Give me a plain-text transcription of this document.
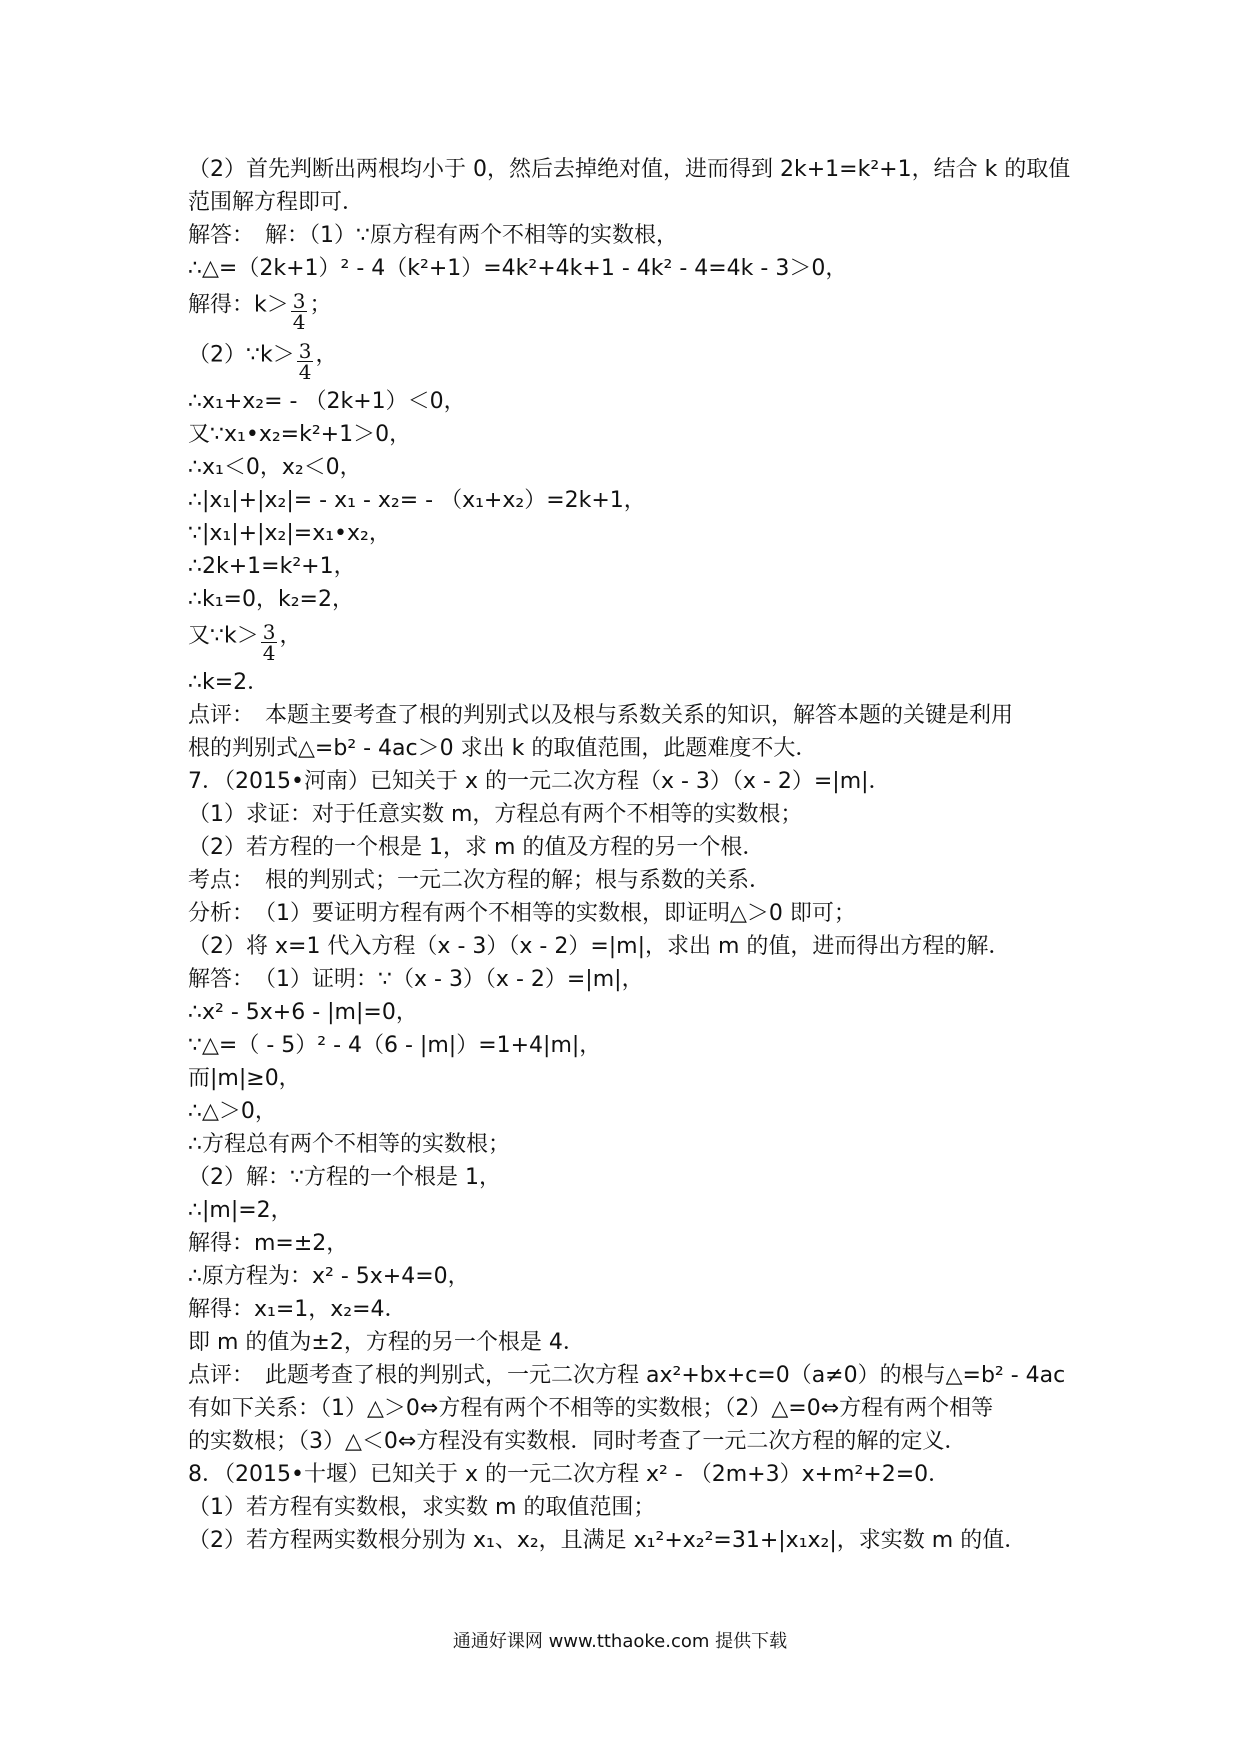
（2）首先判断出两根均小于 0，然后去掉绝对值，进而得到 2k+1=k²+1，结合 k 的取值
范围解方程即可．
解答：　解：（1）∵原方程有两个不相等的实数根，
∴△=（2k+1）² - 4（k²+1）=4k²+4k+1 - 4k² - 4=4k - 3＞0，
解得：$k> \frac{3}{4}$ ；
（2）∵k＞ $\frac{3}{4}$ ，
∴x₁+x₂= - （2k+1）＜0，
又∵x₁•x₂=k²+1＞0，
∴x₁＜0，x₂＜0，
∴|x₁|+|x₂|= - x₁ - x₂= - （x₁+x₂）=2k+1，
∵|x₁|+|x₂|=x₁•x₂，
∴2k+1=k²+1，
∴k₁=0，k₂=2，
又∵k＞ $\frac{3}{4}$ ，
∴k=2．
点评：　本题主要考查了根的判别式以及根与系数关系的知识，解答本题的关键是利用
根的判别式△=b² - 4ac＞0 求出 k 的取值范围，此题难度不大．
7．（2015•河南）已知关于 x 的一元二次方程（x - 3）（x - 2）=|m|．
（1）求证：对于任意实数 m，方程总有两个不相等的实数根；
（2）若方程的一个根是 1，求 m 的值及方程的另一个根．
考点：　根的判别式；一元二次方程的解；根与系数的关系．
分析：　（1）要证明方程有两个不相等的实数根，即证明△＞0 即可；
（2）将 x=1 代入方程（x - 3）（x - 2）=|m|，求出 m 的值，进而得出方程的解．
解答：　（1）证明：∵（x - 3）（x - 2）=|m|，
∴x² - 5x+6 - |m|=0，
∵△=（ - 5）² - 4（6 - |m|）=1+4|m|，
而|m|≥0，
∴△＞0，
∴方程总有两个不相等的实数根；
（2）解：∵方程的一个根是 1，
∴|m|=2，
解得：m=±2，
∴原方程为：x² - 5x+4=0，
解得：x₁=1，x₂=4．
即 m 的值为±2，方程的另一个根是 4．
点评：　此题考查了根的判别式，一元二次方程 ax²+bx+c=0（a≠0）的根与△=b² - 4ac
有如下关系：（1）△＞0⇔方程有两个不相等的实数根；（2）△=0⇔方程有两个相等
的实数根；（3）△＜0⇔方程没有实数根．同时考查了一元二次方程的解的定义．
8．（2015•十堰）已知关于 x 的一元二次方程 x² - （2m+3）x+m²+2=0．
（1）若方程有实数根，求实数 m 的取值范围；
（2）若方程两实数根分别为 x₁、x₂，且满足 x₁²+x₂²=31+|x₁x₂|，求实数 m 的值．
通通好课网 www.tthaoke.com 提供下载
